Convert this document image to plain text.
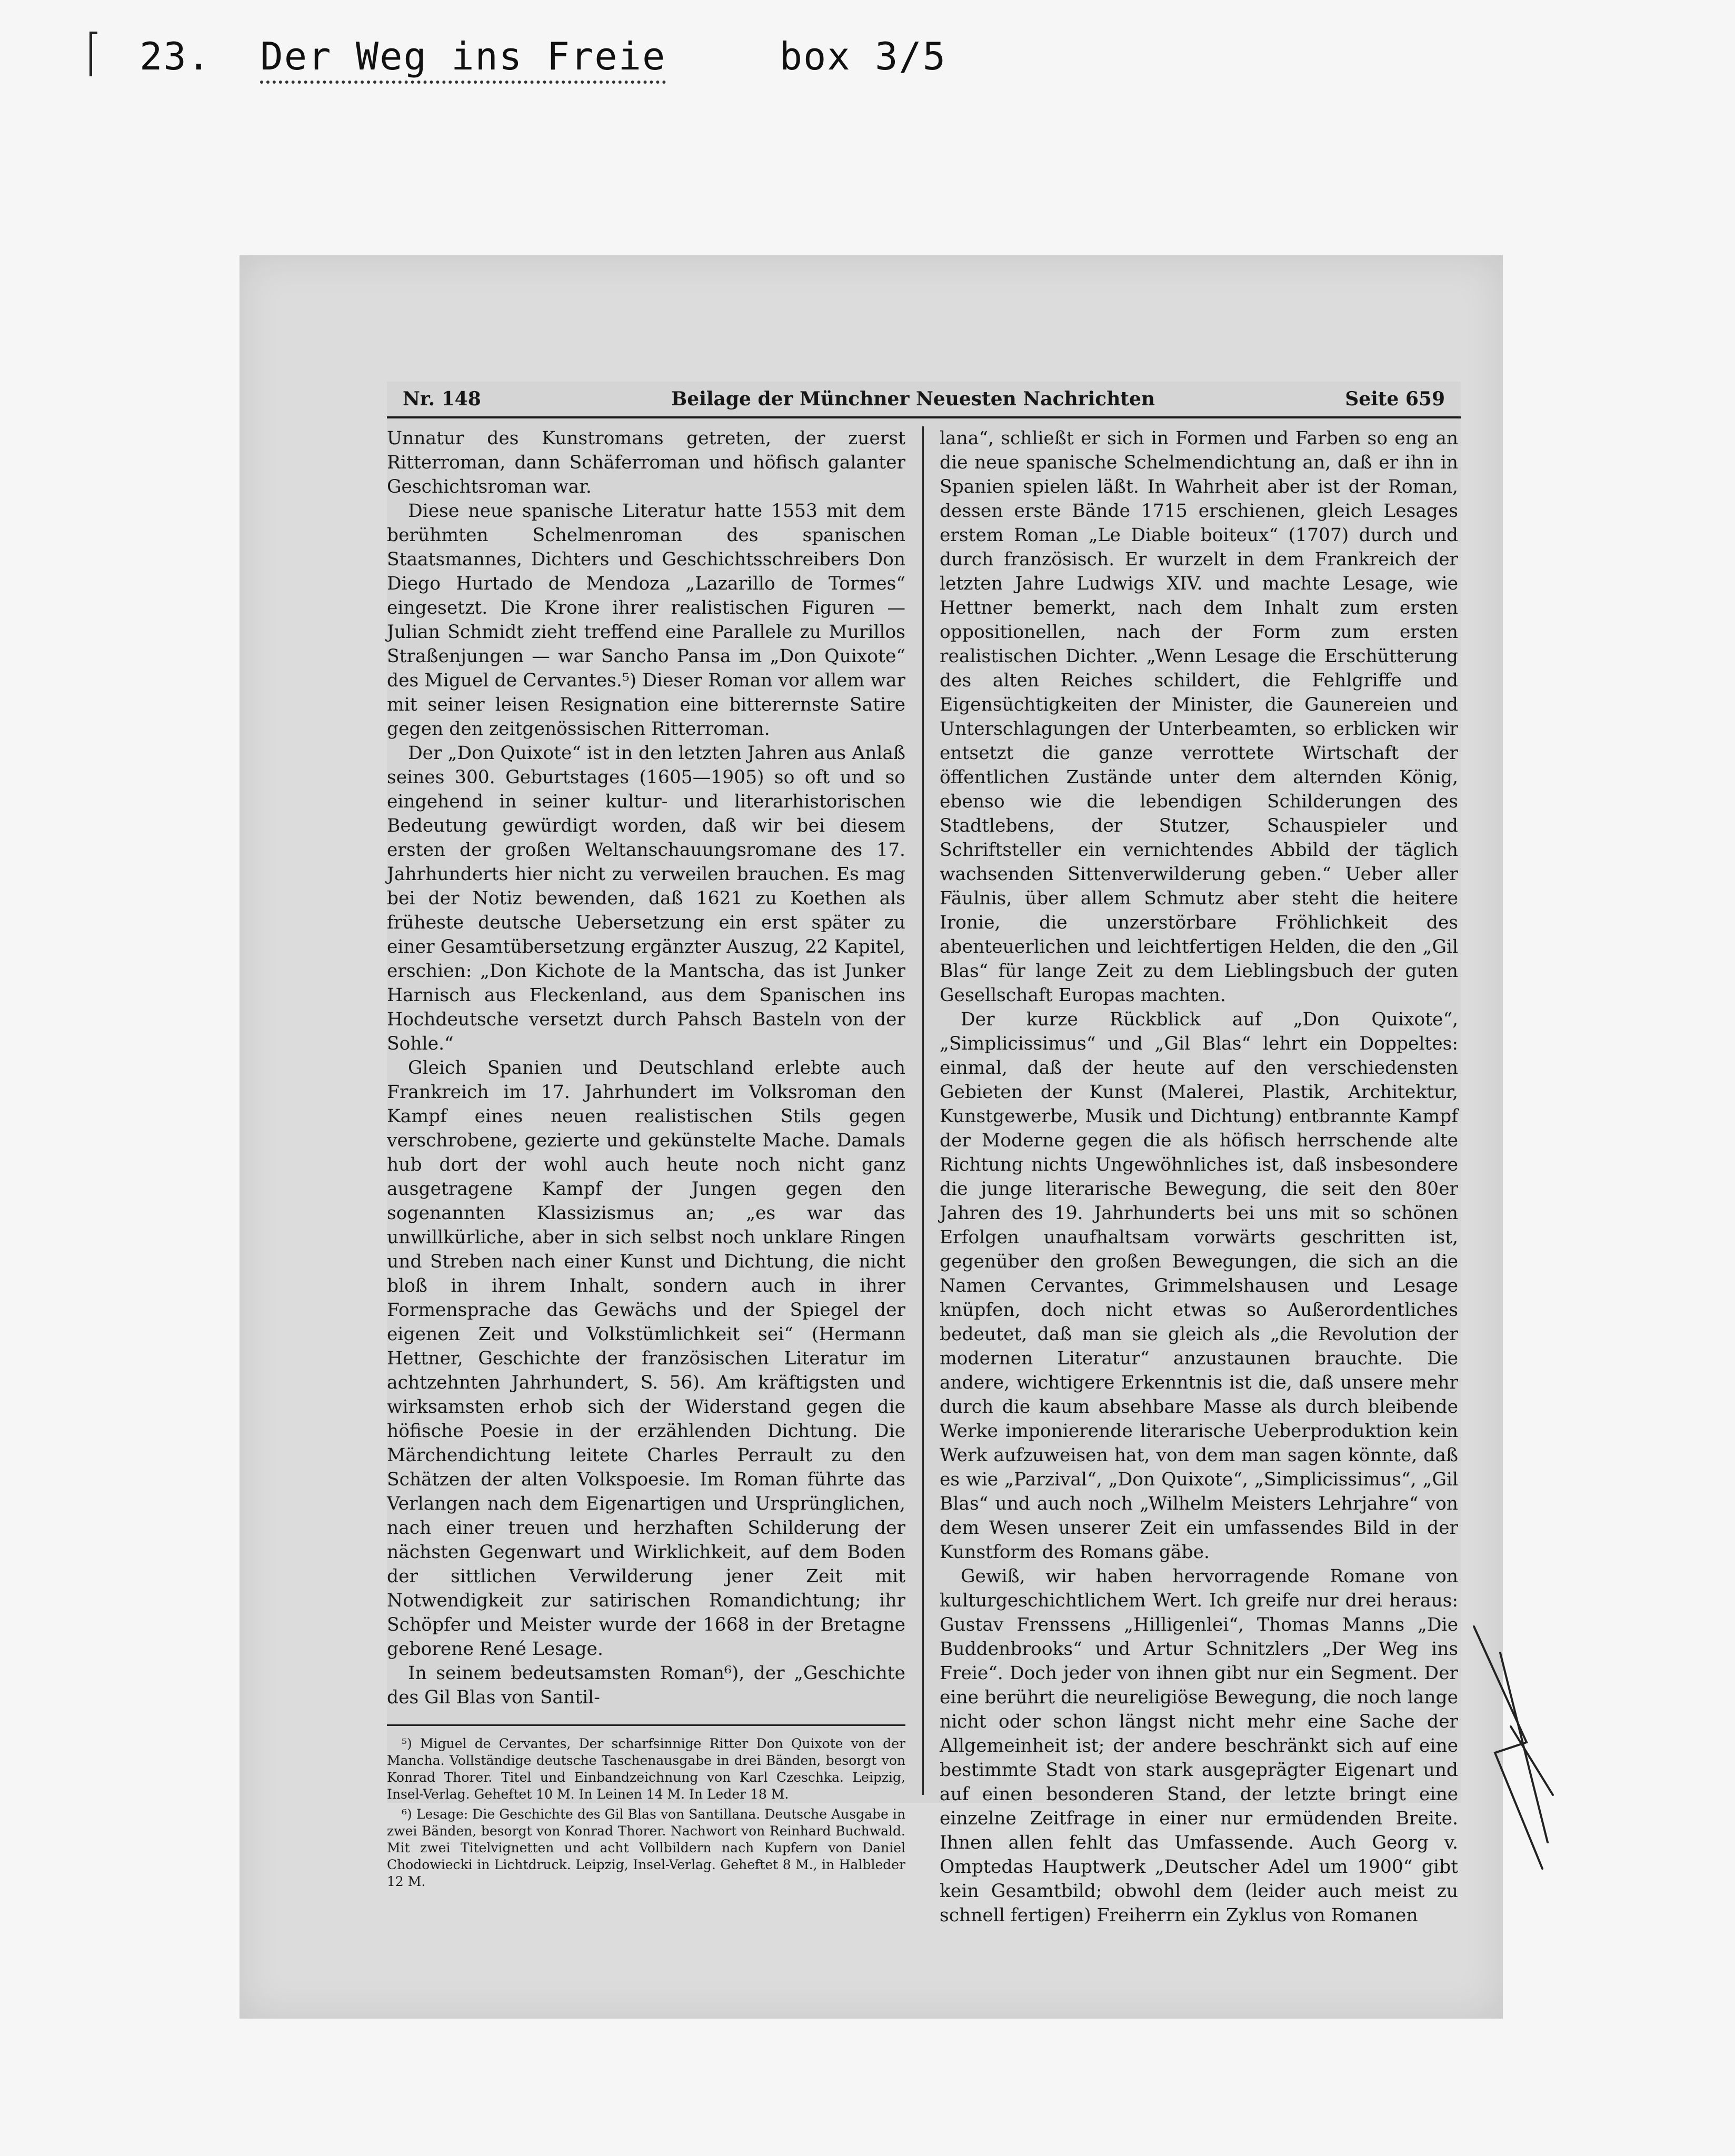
23. Der Weg ins Freie	box 3/5
Nr. 148	Beilage der Münchner Neuesten Nachrichten	Seite 659

Unnatur des Kunstromans getreten, der zuerst Ritterroman, dann Schäferroman und höfisch galanter Geschichtsroman war.

Diese neue spanische Literatur hatte 1553 mit dem berühmten Schelmenroman des spanischen Staatsmannes, Dichters und Geschichtsschreibers Don Diego Hurtado de Mendoza „Lazarillo de Tormes“ eingesetzt. Die Krone ihrer realistischen Figuren — Julian Schmidt zieht treffend eine Parallele zu Murillos Straßenjungen — war Sancho Pansa im „Don Quixote“ des Miguel de Cervantes.⁵) Dieser Roman vor allem war mit seiner leisen Resignation eine bitterernste Satire gegen den zeitgenössischen Ritterroman.

Der „Don Quixote“ ist in den letzten Jahren aus Anlaß seines 300. Geburtstages (1605—1905) so oft und so eingehend in seiner kultur- und literarhistorischen Bedeutung gewürdigt worden, daß wir bei diesem ersten der großen Weltanschauungsromane des 17. Jahrhunderts hier nicht zu verweilen brauchen. Es mag bei der Notiz bewenden, daß 1621 zu Koethen als früheste deutsche Uebersetzung ein erst später zu einer Gesamtübersetzung ergänzter Auszug, 22 Kapitel, erschien: „Don Kichote de la Mantscha, das ist Junker Harnisch aus Fleckenland, aus dem Spanischen ins Hochdeutsche versetzt durch Pahsch Basteln von der Sohle.“

Gleich Spanien und Deutschland erlebte auch Frankreich im 17. Jahrhundert im Volksroman den Kampf eines neuen realistischen Stils gegen verschrobene, gezierte und gekünstelte Mache. Damals hub dort der wohl auch heute noch nicht ganz ausgetragene Kampf der Jungen gegen den sogenannten Klassizismus an; „es war das unwillkürliche, aber in sich selbst noch unklare Ringen und Streben nach einer Kunst und Dichtung, die nicht bloß in ihrem Inhalt, sondern auch in ihrer Formensprache das Gewächs und der Spiegel der eigenen Zeit und Volkstümlichkeit sei“ (Hermann Hettner, Geschichte der französischen Literatur im achtzehnten Jahrhundert, S. 56). Am kräftigsten und wirksamsten erhob sich der Widerstand gegen die höfische Poesie in der erzählenden Dichtung. Die Märchendichtung leitete Charles Perrault zu den Schätzen der alten Volkspoesie. Im Roman führte das Verlangen nach dem Eigenartigen und Ursprünglichen, nach einer treuen und herzhaften Schilderung der nächsten Gegenwart und Wirklichkeit, auf dem Boden der sittlichen Verwilderung jener Zeit mit Notwendigkeit zur satirischen Romandichtung; ihr Schöpfer und Meister wurde der 1668 in der Bretagne geborene René Lesage.

In seinem bedeutsamsten Roman⁶), der „Geschichte des Gil Blas von Santil-

⁵) Miguel de Cervantes, Der scharfsinnige Ritter Don Quixote von der Mancha. Vollständige deutsche Taschenausgabe in drei Bänden, besorgt von Konrad Thorer. Titel und Einbandzeichnung von Karl Czeschka. Leipzig, Insel-Verlag. Geheftet 10 M. In Leinen 14 M. In Leder 18 M.

⁶) Lesage: Die Geschichte des Gil Blas von Santillana. Deutsche Ausgabe in zwei Bänden, besorgt von Konrad Thorer. Nachwort von Reinhard Buchwald. Mit zwei Titelvignetten und acht Vollbildern nach Kupfern von Daniel Chodowiecki in Lichtdruck. Leipzig, Insel-Verlag. Geheftet 8 M., in Halbleder 12 M.

lana“, schließt er sich in Formen und Farben so eng an die neue spanische Schelmendichtung an, daß er ihn in Spanien spielen läßt. In Wahrheit aber ist der Roman, dessen erste Bände 1715 erschienen, gleich Lesages erstem Roman „Le Diable boiteux“ (1707) durch und durch französisch. Er wurzelt in dem Frankreich der letzten Jahre Ludwigs XIV. und machte Lesage, wie Hettner bemerkt, nach dem Inhalt zum ersten oppositionellen, nach der Form zum ersten realistischen Dichter. „Wenn Lesage die Erschütterung des alten Reiches schildert, die Fehlgriffe und Eigensüchtigkeiten der Minister, die Gaunereien und Unterschlagungen der Unterbeamten, so erblicken wir entsetzt die ganze verrottete Wirtschaft der öffentlichen Zustände unter dem alternden König, ebenso wie die lebendigen Schilderungen des Stadtlebens, der Stutzer, Schauspieler und Schriftsteller ein vernichtendes Abbild der täglich wachsenden Sittenverwilderung geben.“ Ueber aller Fäulnis, über allem Schmutz aber steht die heitere Ironie, die unzerstörbare Fröhlichkeit des abenteuerlichen und leichtfertigen Helden, die den „Gil Blas“ für lange Zeit zu dem Lieblingsbuch der guten Gesellschaft Europas machten.

Der kurze Rückblick auf „Don Quixote“, „Simplicissimus“ und „Gil Blas“ lehrt ein Doppeltes: einmal, daß der heute auf den verschiedensten Gebieten der Kunst (Malerei, Plastik, Architektur, Kunstgewerbe, Musik und Dichtung) entbrannte Kampf der Moderne gegen die als höfisch herrschende alte Richtung nichts Ungewöhnliches ist, daß insbesondere die junge literarische Bewegung, die seit den 80er Jahren des 19. Jahrhunderts bei uns mit so schönen Erfolgen unaufhaltsam vorwärts geschritten ist, gegenüber den großen Bewegungen, die sich an die Namen Cervantes, Grimmelshausen und Lesage knüpfen, doch nicht etwas so Außerordentliches bedeutet, daß man sie gleich als „die Revolution der modernen Literatur“ anzustaunen brauchte. Die andere, wichtigere Erkenntnis ist die, daß unsere mehr durch die kaum absehbare Masse als durch bleibende Werke imponierende literarische Ueberproduktion kein Werk aufzuweisen hat, von dem man sagen könnte, daß es wie „Parzival“, „Don Quixote“, „Simplicissimus“, „Gil Blas“ und auch noch „Wilhelm Meisters Lehrjahre“ von dem Wesen unserer Zeit ein umfassendes Bild in der Kunstform des Romans gäbe.

Gewiß, wir haben hervorragende Romane von kulturgeschichtlichem Wert. Ich greife nur drei heraus: Gustav Frenssens „Hilligenlei“, Thomas Manns „Die Buddenbrooks“ und Artur Schnitzlers „Der Weg ins Freie“. Doch jeder von ihnen gibt nur ein Segment. Der eine berührt die neureligiöse Bewegung, die noch lange nicht oder schon längst nicht mehr eine Sache der Allgemeinheit ist; der andere beschränkt sich auf eine bestimmte Stadt von stark ausgeprägter Eigenart und auf einen besonderen Stand, der letzte bringt eine einzelne Zeitfrage in einer nur ermüdenden Breite. Ihnen allen fehlt das Umfassende. Auch Georg v. Omptedas Hauptwerk „Deutscher Adel um 1900“ gibt kein Gesamtbild; obwohl dem (leider auch meist zu schnell fertigen) Freiherrn ein Zyklus von Romanen
